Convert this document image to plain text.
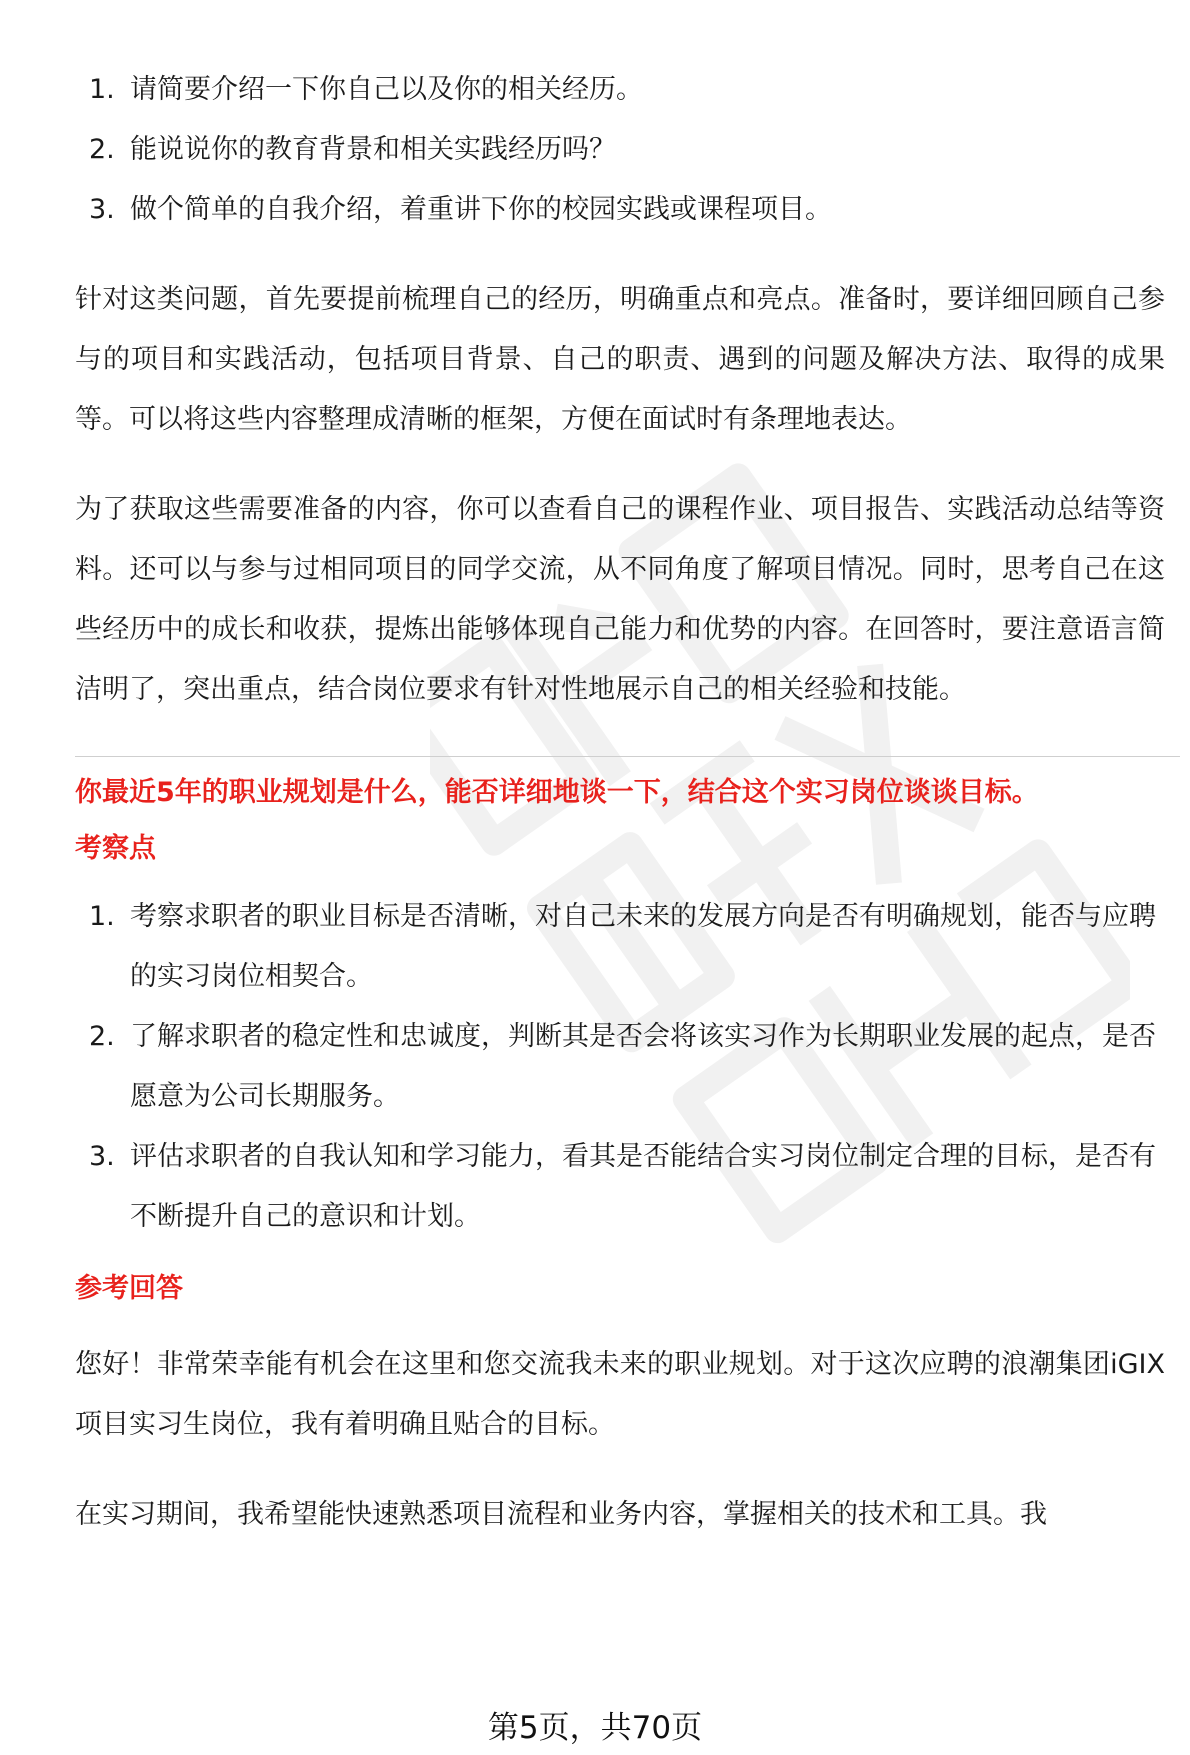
1. 请简要介绍一下你自己以及你的相关经历。
2. 能说说你的教育背景和相关实践经历吗？
3. 做个简单的自我介绍，着重讲下你的校园实践或课程项目。

针对这类问题，首先要提前梳理自己的经历，明确重点和亮点。准备时，要详细回顾自己参与的项目和实践活动，包括项目背景、自己的职责、遇到的问题及解决方法、取得的成果等。可以将这些内容整理成清晰的框架，方便在面试时有条理地表达。

为了获取这些需要准备的内容，你可以查看自己的课程作业、项目报告、实践活动总结等资料。还可以与参与过相同项目的同学交流，从不同角度了解项目情况。同时，思考自己在这些经历中的成长和收获，提炼出能够体现自己能力和优势的内容。在回答时，要注意语言简洁明了，突出重点，结合岗位要求有针对性地展示自己的相关经验和技能。

你最近5年的职业规划是什么，能否详细地谈一下，结合这个实习岗位谈谈目标。

考察点

1. 考察求职者的职业目标是否清晰，对自己未来的发展方向是否有明确规划，能否与应聘的实习岗位相契合。
2. 了解求职者的稳定性和忠诚度，判断其是否会将该实习作为长期职业发展的起点，是否愿意为公司长期服务。
3. 评估求职者的自我认知和学习能力，看其是否能结合实习岗位制定合理的目标，是否有不断提升自己的意识和计划。

参考回答

您好！非常荣幸能有机会在这里和您交流我未来的职业规划。对于这次应聘的浪潮集团iGIX项目实习生岗位，我有着明确且贴合的目标。

在实习期间，我希望能快速熟悉项目流程和业务内容，掌握相关的技术和工具。我

第5页，共70页
